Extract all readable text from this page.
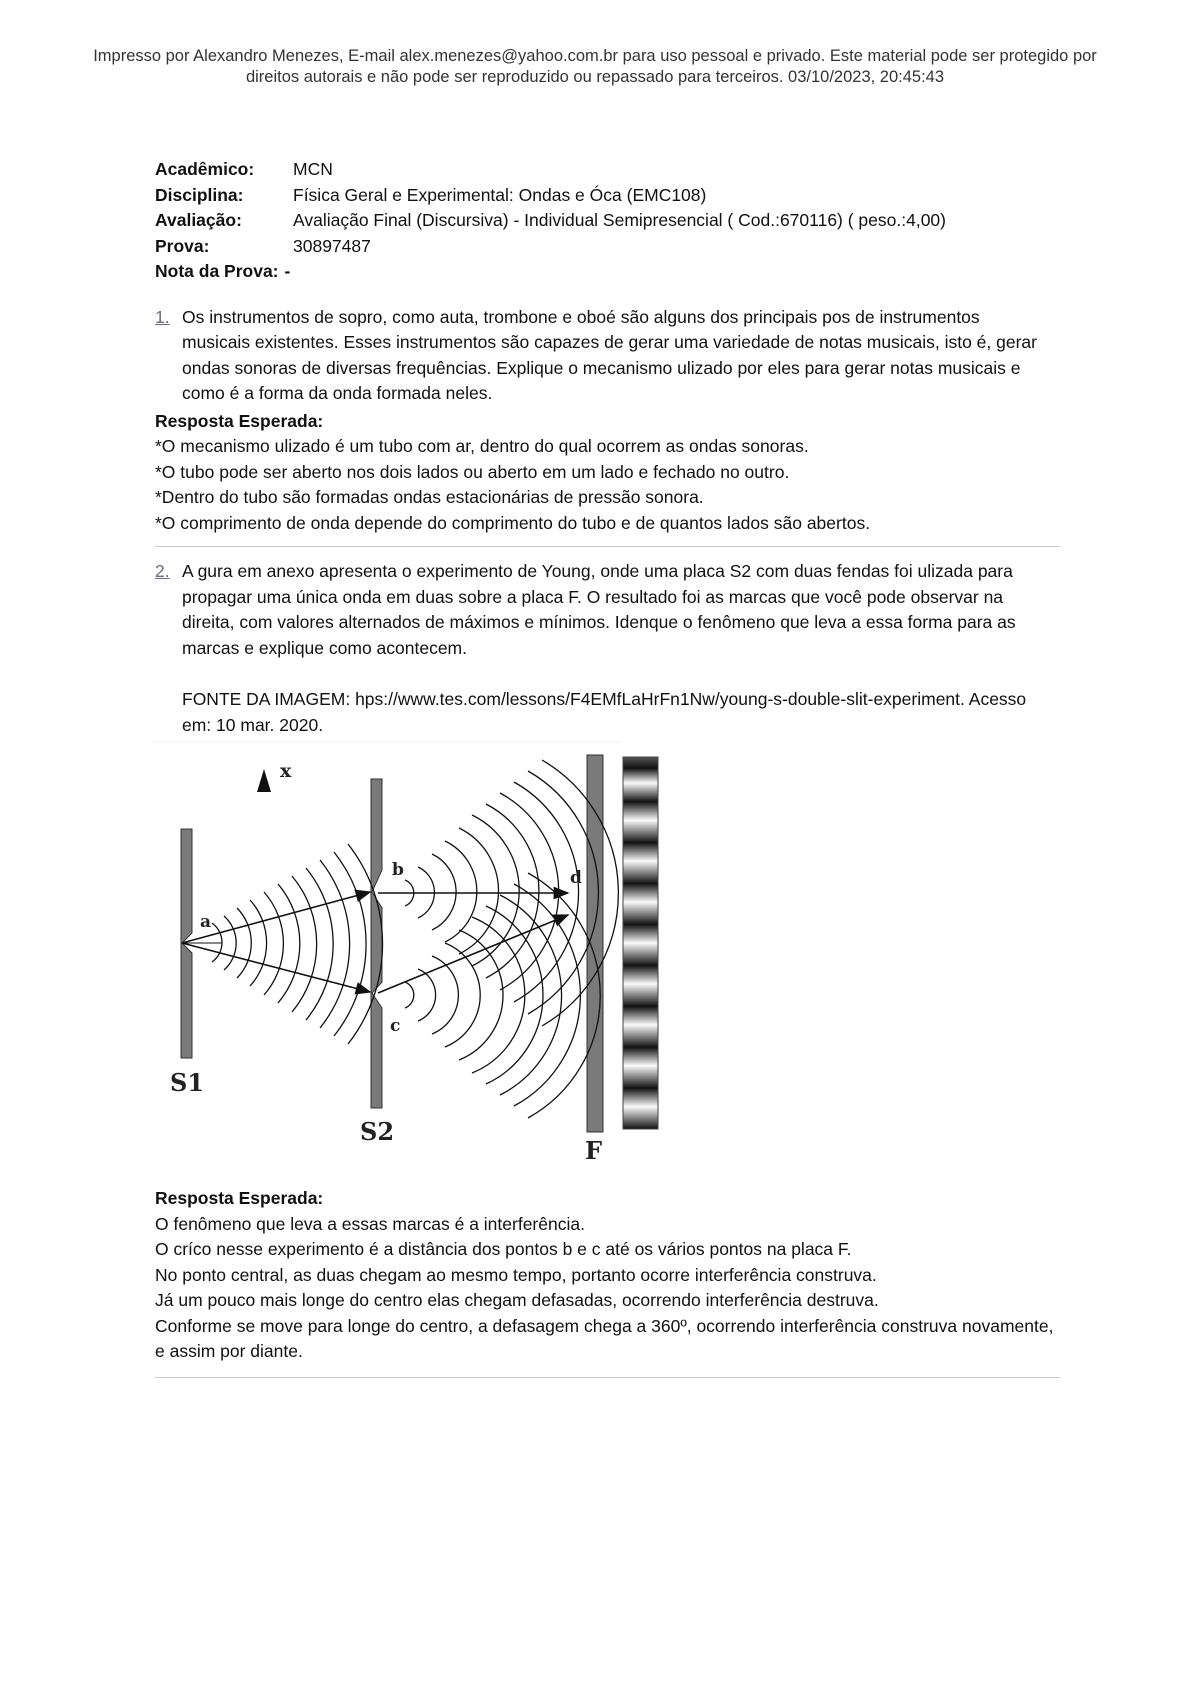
Impresso por Alexandro Menezes, E-mail alex.menezes@yahoo.com.br para uso pessoal e privado. Este material pode ser protegido por
direitos autorais e não pode ser reproduzido ou repassado para terceiros. 03/10/2023, 20:45:43
Acadêmico:	MCN
Disciplina:	Física Geral e Experimental: Ondas e Óca (EMC108)
Avaliação:	Avaliação Final (Discursiva) - Individual Semipresencial ( Cod.:670116) ( peso.:4,00)
Prova:	30897487
Nota da Prova: -
1. Os instrumentos de sopro, como auta, trombone e oboé são alguns dos principais pos de instrumentos musicais existentes. Esses instrumentos são capazes de gerar uma variedade de notas musicais, isto é, gerar ondas sonoras de diversas frequências. Explique o mecanismo ulizado por eles para gerar notas musicais e como é a forma da onda formada neles.
Resposta Esperada:
*O mecanismo ulizado é um tubo com ar, dentro do qual ocorrem as ondas sonoras.
*O tubo pode ser aberto nos dois lados ou aberto em um lado e fechado no outro.
*Dentro do tubo são formadas ondas estacionárias de pressão sonora.
*O comprimento de onda depende do comprimento do tubo e de quantos lados são abertos.
2. A gura em anexo apresenta o experimento de Young, onde uma placa S2 com duas fendas foi ulizada para propagar uma única onda em duas sobre a placa F. O resultado foi as marcas que você pode observar na direita, com valores alternados de máximos e mínimos. Idenque o fenômeno que leva a essa forma para as marcas e explique como acontecem.
FONTE DA IMAGEM: hps://www.tes.com/lessons/F4EMfLaHrFn1Nw/young-s-double-slit-experiment. Acesso em: 10 mar. 2020.
x
a
b
c
d
S1
S2
F
Resposta Esperada:
O fenômeno que leva a essas marcas é a interferência.
O críco nesse experimento é a distância dos pontos b e c até os vários pontos na placa F.
No ponto central, as duas chegam ao mesmo tempo, portanto ocorre interferência construva.
Já um pouco mais longe do centro elas chegam defasadas, ocorrendo interferência destruva.
Conforme se move para longe do centro, a defasagem chega a 360º, ocorrendo interferência construva novamente, e assim por diante.
